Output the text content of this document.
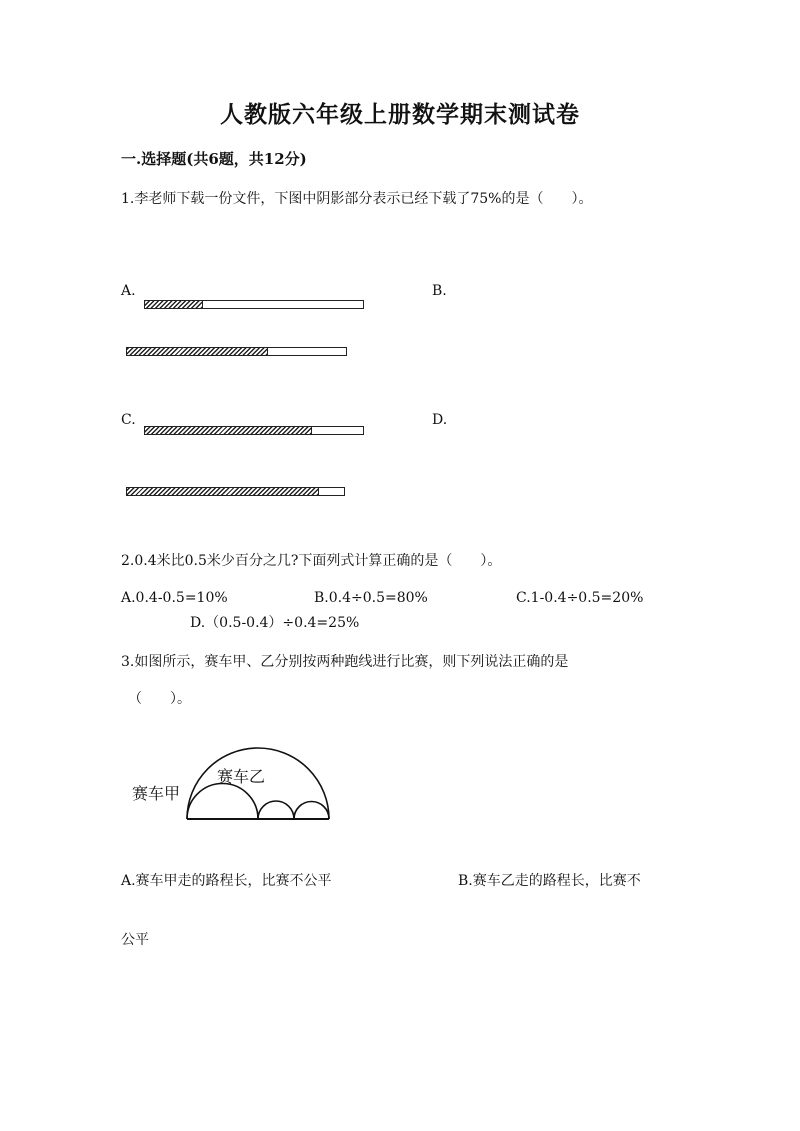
人教版六年级上册数学期末测试卷
一.选择题(共6题，共12分)
1.李老师下载一份文件，下图中阴影部分表示已经下载了75%的是（　　）。
A.	B.
C.	D.
2.0.4米比0.5米少百分之几?下面列式计算正确的是（　　）。
A.0.4-0.5=10%	B.0.4÷0.5=80%	C.1-0.4÷0.5=20%
D.（0.5-0.4）÷0.4=25%
3.如图所示，赛车甲、乙分别按两种跑线进行比赛，则下列说法正确的是
（　　）。
赛车甲
赛车乙
A.赛车甲走的路程长，比赛不公平	B.赛车乙走的路程长，比赛不
公平
